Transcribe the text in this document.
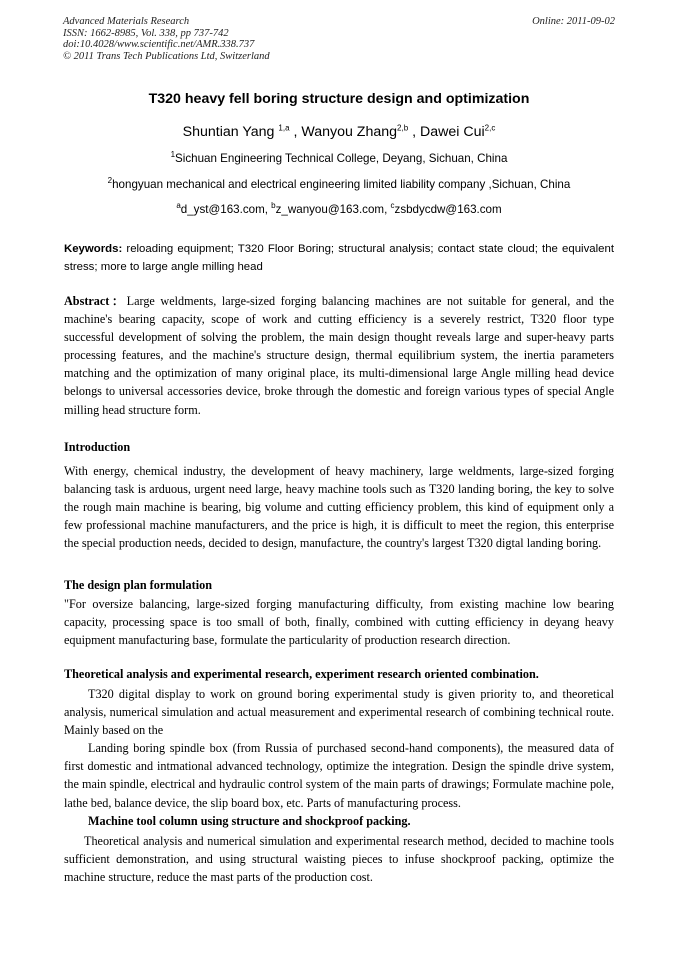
Advanced Materials Research
ISSN: 1662-8985, Vol. 338, pp 737-742
doi:10.4028/www.scientific.net/AMR.338.737
© 2011 Trans Tech Publications Ltd, Switzerland
Online: 2011-09-02
T320 heavy fell boring structure design and optimization
Shuntian Yang $^{1,a}$ , Wanyou Zhang$^{2,b}$ , Dawei Cui$^{2,c}$
$^1$Sichuan Engineering Technical College, Deyang, Sichuan, China
$^2$hongyuan mechanical and electrical engineering limited liability company ,Sichuan, China
$^a$d_yst@163.com, $^b$z_wanyou@163.com, $^c$zsbdycdw@163.com
Keywords: reloading equipment; T320 Floor Boring; structural analysis; contact state cloud; the equivalent stress; more to large angle milling head

Abstract：Large weldments, large-sized forging balancing machines are not suitable for general, and the machine's bearing capacity, scope of work and cutting efficiency is a severely restrict, T320 floor type successful development of solving the problem, the main design thought reveals large and super-heavy parts processing features, and the machine's structure design, thermal equilibrium system, the inertia parameters matching and the optimization of many original place, its multi-dimensional large Angle milling head device belongs to universal accessories device, broke through the domestic and foreign various types of special Angle milling head structure form.

Introduction
With energy, chemical industry, the development of heavy machinery, large weldments, large-sized forging balancing task is arduous, urgent need large, heavy machine tools such as T320 landing boring, the key to solve the rough main machine is bearing, big volume and cutting efficiency problem, this kind of equipment only a few professional machine manufacturers, and the price is high, it is difficult to meet the region, this enterprise the special production needs, decided to design, manufacture, the country's largest T320 digtal landing boring.
The design plan formulation
"For oversize balancing, large-sized forging manufacturing difficulty, from existing machine low bearing capacity, processing space is too small of both, finally, combined with cutting efficiency in deyang heavy equipment manufacturing base, formulate the particularity of production research direction.
Theoretical analysis and experimental research, experiment research oriented combination.

T320 digital display to work on ground boring experimental study is given priority to, and theoretical analysis, numerical simulation and actual measurement and experimental research of combining technical route. Mainly based on the

Landing boring spindle box (from Russia of purchased second-hand components), the measured data of first domestic and intmational advanced technology, optimize the integration. Design the spindle drive system, the main spindle, electrical and hydraulic control system of the main parts of drawings; Formulate machine pole, lathe bed, balance device, the slip board box, etc. Parts of manufacturing process.

Machine tool column using structure and shockproof packing.

Theoretical analysis and numerical simulation and experimental research method, decided to machine tools sufficient demonstration, and using structural waisting pieces to infuse shockproof packing, optimize the machine structure, reduce the mast parts of the production cost.
